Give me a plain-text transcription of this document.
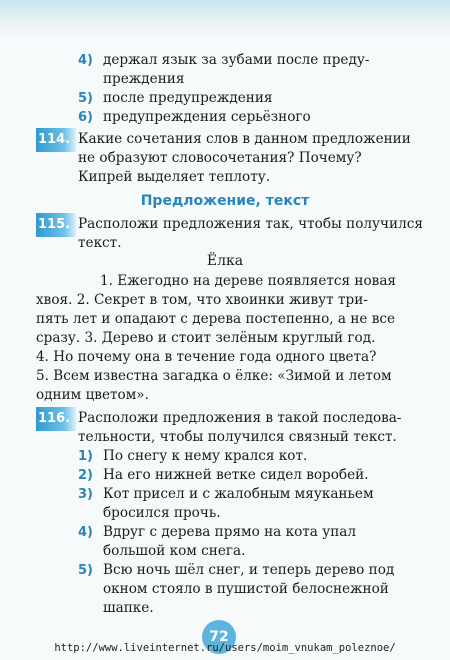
4) держал язык за зубами после преду-
преждения
5) после предупреждения
6) предупреждения серьёзного
114. Какие сочетания слов в данном предложении
не образуют словосочетания? Почему?
Кипрей выделяет теплоту.
Предложение, текст
115. Расположи предложения так, чтобы получился
текст.
Ёлка
1. Ежегодно на дереве появляется новая
хвоя. 2. Секрет в том, что хвоинки живут три-
пять лет и опадают с дерева постепенно, а не все
сразу. 3. Дерево и стоит зелёным круглый год.
4. Но почему она в течение года одного цвета?
5. Всем известна загадка о ёлке: «Зимой и летом
одним цветом».
116. Расположи предложения в такой последова-
тельности, чтобы получился связный текст.
1) По снегу к нему крался кот.
2) На его нижней ветке сидел воробей.
3) Кот присел и с жалобным мяуканьем
бросился прочь.
4) Вдруг с дерева прямо на кота упал
большой ком снега.
5) Всю ночь шёл снег, и теперь дерево под
окном стояло в пушистой белоснежной
шапке.
72
http://www.liveinternet.ru/users/moim_vnukam_poleznoe/
